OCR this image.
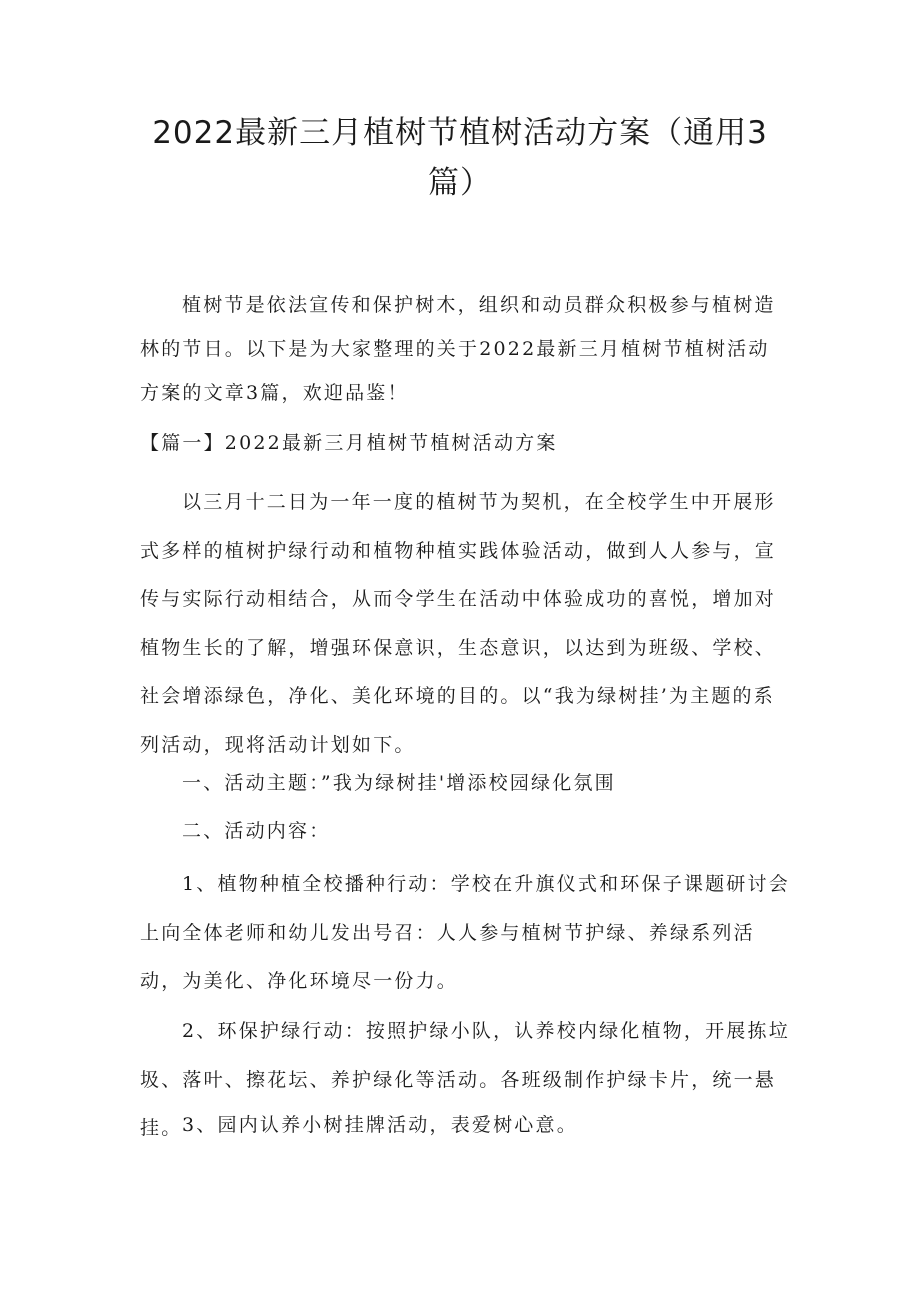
2022最新三月植树节植树活动方案（通用3篇）

植树节是依法宣传和保护树木，组织和动员群众积极参与植树造林的节日。以下是为大家整理的关于2022最新三月植树节植树活动方案的文章3篇，欢迎品鉴！

【篇一】2022最新三月植树节植树活动方案

以三月十二日为一年一度的植树节为契机，在全校学生中开展形式多样的植树护绿行动和植物种植实践体验活动，做到人人参与，宣传与实际行动相结合，从而令学生在活动中体验成功的喜悦，增加对植物生长的了解，增强环保意识，生态意识，以达到为班级、学校、社会增添绿色，净化、美化环境的目的。以“我为绿树挂’为主题的系列活动，现将活动计划如下。

一、活动主题：”我为绿树挂'增添校园绿化氛围

二、活动内容：

1、植物种植全校播种行动：学校在升旗仪式和环保子课题研讨会上向全体老师和幼儿发出号召：人人参与植树节护绿、养绿系列活动，为美化、净化环境尽一份力。

2、环保护绿行动：按照护绿小队，认养校内绿化植物，开展拣垃圾、落叶、擦花坛、养护绿化等活动。各班级制作护绿卡片，统一悬挂。 3、园内认养小树挂牌活动，表爱树心意。
